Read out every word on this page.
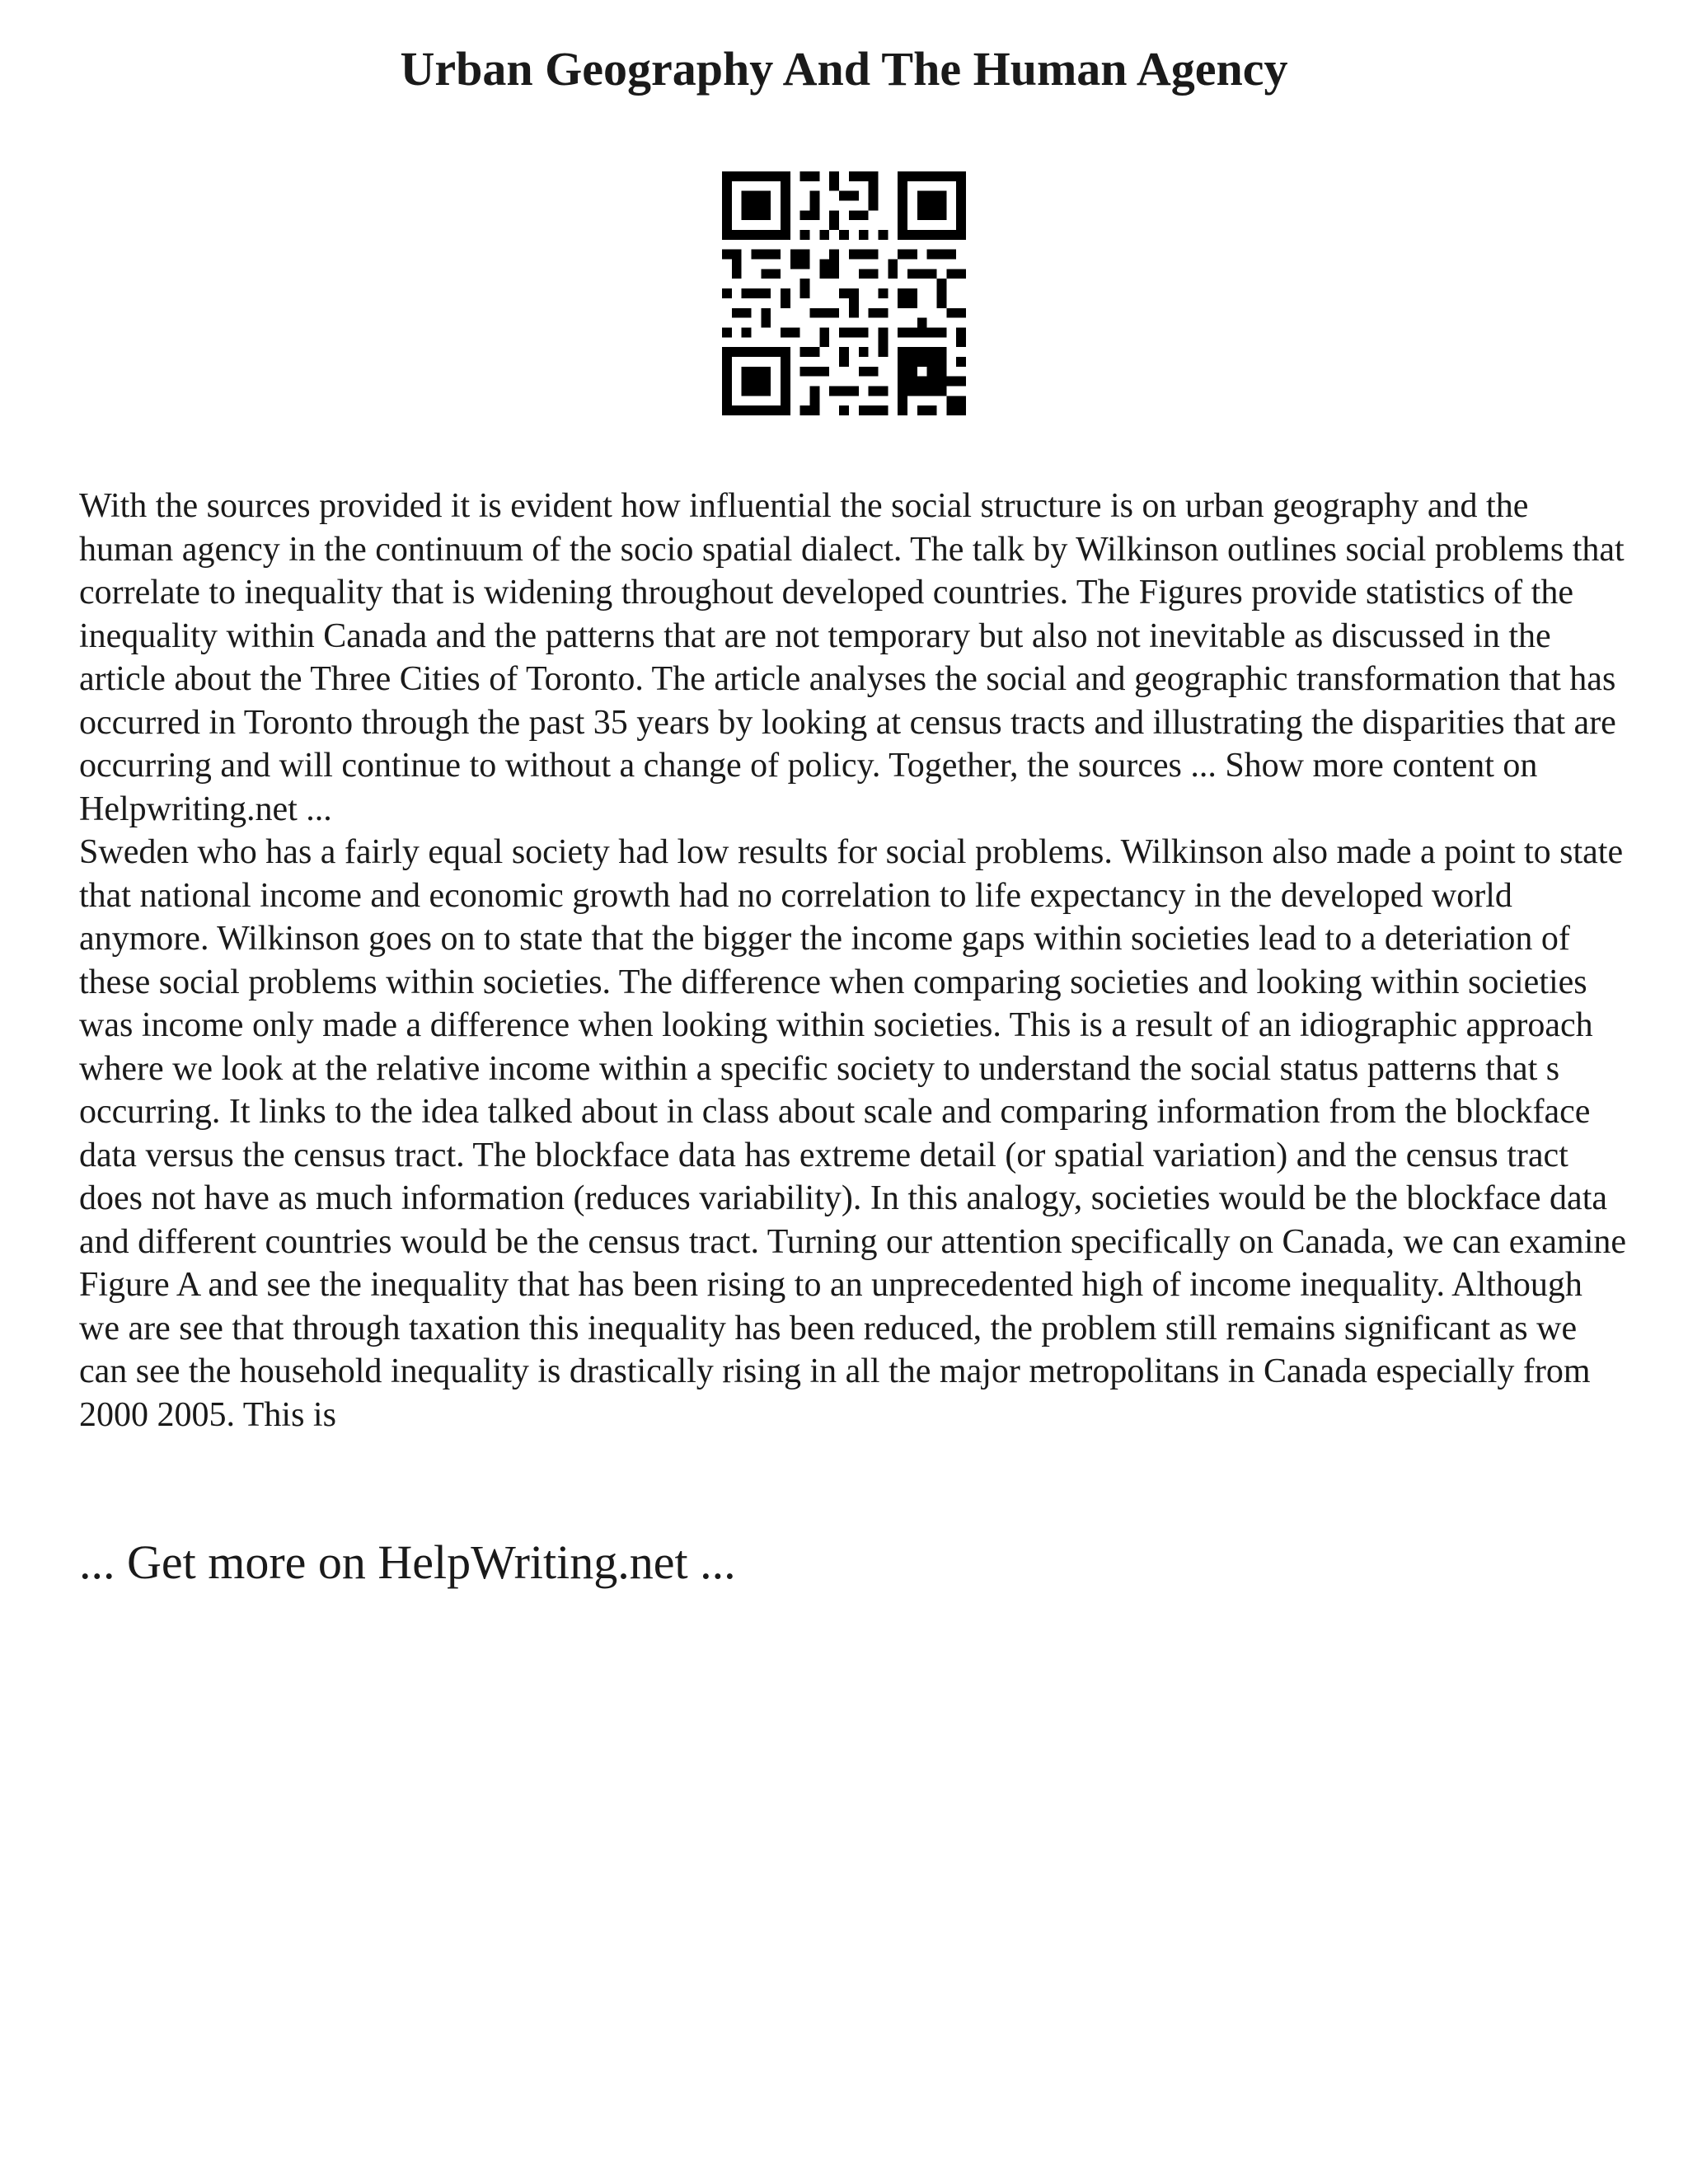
Urban Geography And The Human Agency

With the sources provided it is evident how influential the social structure is on urban geography and the human agency in the continuum of the socio spatial dialect. The talk by Wilkinson outlines social problems that correlate to inequality that is widening throughout developed countries. The Figures provide statistics of the inequality within Canada and the patterns that are not temporary but also not inevitable as discussed in the article about the Three Cities of Toronto. The article analyses the social and geographic transformation that has occurred in Toronto through the past 35 years by looking at census tracts and illustrating the disparities that are occurring and will continue to without a change of policy. Together, the sources ... Show more content on Helpwriting.net ...

Sweden who has a fairly equal society had low results for social problems. Wilkinson also made a point to state that national income and economic growth had no correlation to life expectancy in the developed world anymore. Wilkinson goes on to state that the bigger the income gaps within societies lead to a deteriation of these social problems within societies. The difference when comparing societies and looking within societies was income only made a difference when looking within societies. This is a result of an idiographic approach where we look at the relative income within a specific society to understand the social status patterns that s occurring. It links to the idea talked about in class about scale and comparing information from the blockface data versus the census tract. The blockface data has extreme detail (or spatial variation) and the census tract does not have as much information (reduces variability). In this analogy, societies would be the blockface data and different countries would be the census tract. Turning our attention specifically on Canada, we can examine Figure A and see the inequality that has been rising to an unprecedented high of income inequality. Although we are see that through taxation this inequality has been reduced, the problem still remains significant as we can see the household inequality is drastically rising in all the major metropolitans in Canada especially from 2000 2005. This is

... Get more on HelpWriting.net ...
